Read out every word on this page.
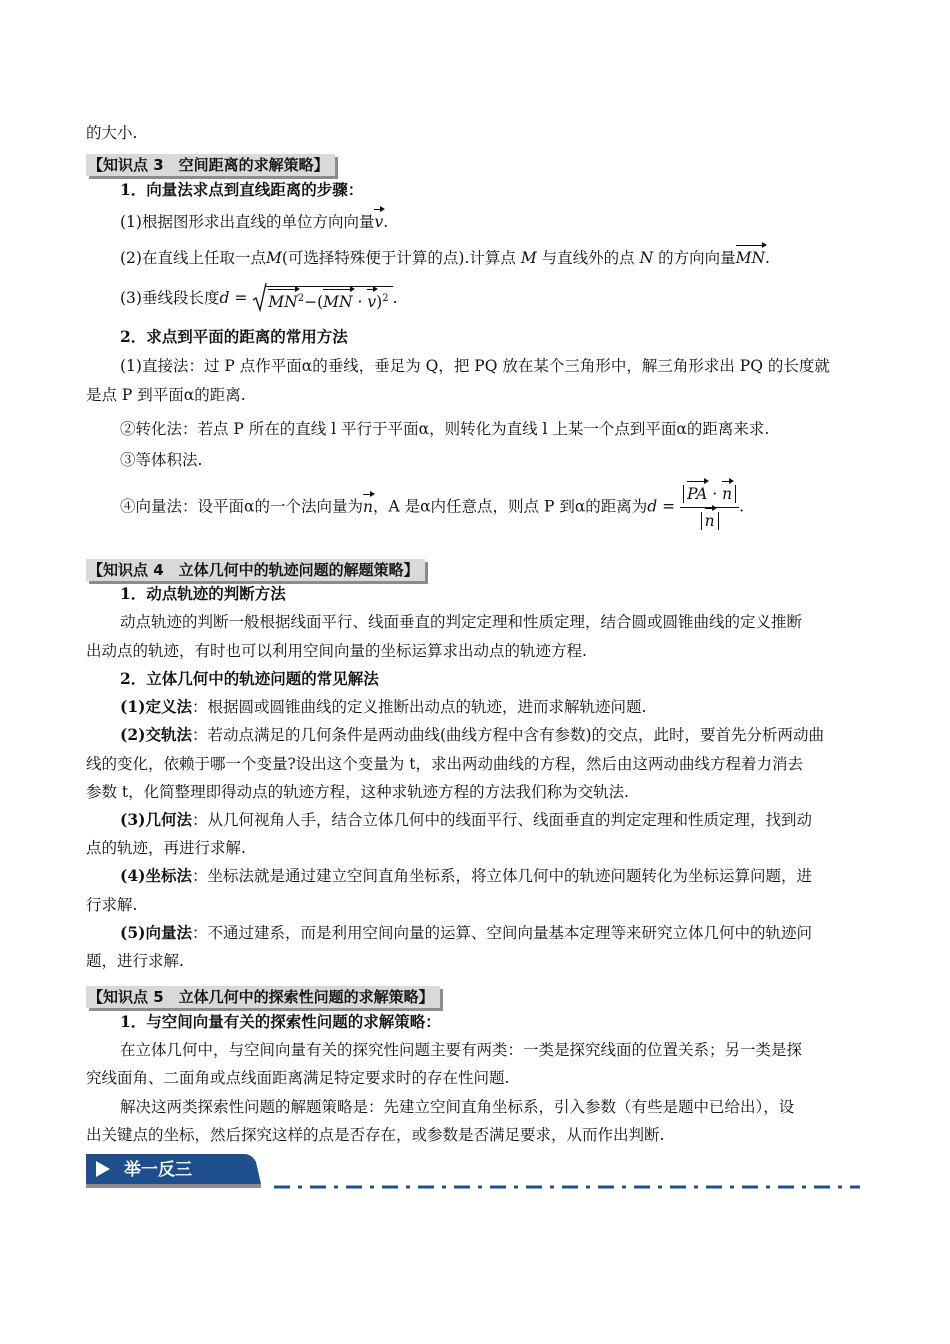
的大小.
【知识点 3　空间距离的求解策略】
1．向量法求点到直线距离的步骤：
(1)根据图形求出直线的单位方向向量v.
(2)在直线上任取一点M(可选择特殊便于计算的点).计算点 M 与直线外的点 N 的方向向量MN.
(3)垂线段长度$d = MN^2-(MN \cdot v)^2$ .
2．求点到平面的距离的常用方法
(1)直接法：过 P 点作平面α的垂线，垂足为 Q，把 PQ 放在某个三角形中，解三角形求出 PQ 的长度就
是点 P 到平面α的距离.
②转化法：若点 P 所在的直线 l 平行于平面α，则转化为直线 l 上某一个点到平面α的距离来求.
③等体积法.
④向量法：设平面α的一个法向量为n，A 是α内任意点，则点 P 到α的距离为$d = \frac{PA \cdot n}{n}$ .
【知识点 4　立体几何中的轨迹问题的解题策略】
1．动点轨迹的判断方法
动点轨迹的判断一般根据线面平行、线面垂直的判定定理和性质定理，结合圆或圆锥曲线的定义推断
出动点的轨迹，有时也可以利用空间向量的坐标运算求出动点的轨迹方程.
2．立体几何中的轨迹问题的常见解法
(1)定义法：根据圆或圆锥曲线的定义推断出动点的轨迹，进而求解轨迹问题.
(2)交轨法：若动点满足的几何条件是两动曲线(曲线方程中含有参数)的交点，此时，要首先分析两动曲
线的变化，依赖于哪一个变量?设出这个变量为 t，求出两动曲线的方程，然后由这两动曲线方程着力消去
参数 t，化简整理即得动点的轨迹方程，这种求轨迹方程的方法我们称为交轨法.
(3)几何法：从几何视角人手，结合立体几何中的线面平行、线面垂直的判定定理和性质定理，找到动
点的轨迹，再进行求解.
(4)坐标法：坐标法就是通过建立空间直角坐标系，将立体几何中的轨迹问题转化为坐标运算问题，进
行求解.
(5)向量法：不通过建系，而是利用空间向量的运算、空间向量基本定理等来研究立体几何中的轨迹问
题，进行求解.
【知识点 5　立体几何中的探索性问题的求解策略】
1．与空间向量有关的探索性问题的求解策略：
在立体几何中，与空间向量有关的探究性问题主要有两类：一类是探究线面的位置关系；另一类是探
究线面角、二面角或点线面距离满足特定要求时的存在性问题.
解决这两类探索性问题的解题策略是：先建立空间直角坐标系，引入参数（有些是题中已给出），设
出关键点的坐标，然后探究这样的点是否存在，或参数是否满足要求，从而作出判断.
举一反三
